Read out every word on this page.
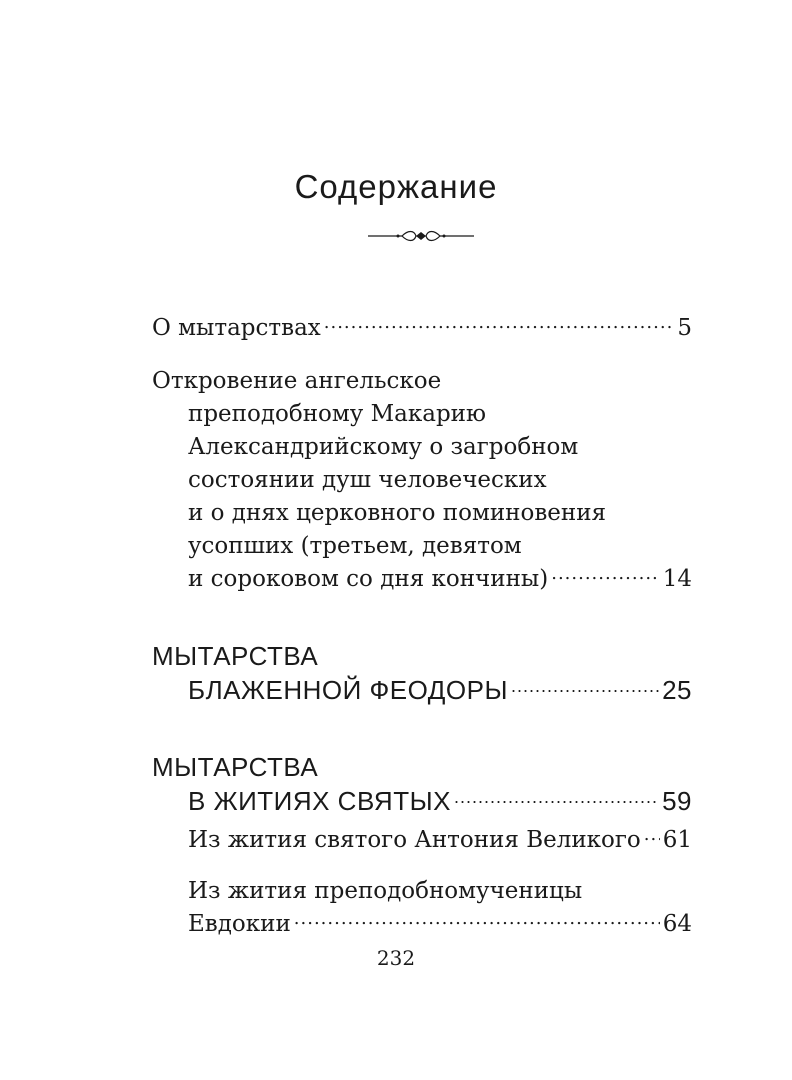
Содержание
О мытарствах .....	5
Откровение ангельское
преподобному Макарию
Александрийскому о загробном
состоянии душ человеческих
и о днях церковного поминовения
усопших (третьем, девятом
и сороковом со дня кончины) .....	14
МЫТАРСТВА
БЛАЖЕННОЙ ФЕОДОРЫ .....	25
МЫТАРСТВА
В ЖИТИЯХ СВЯТЫХ .....	59
Из жития святого Антония Великого ..... 61
Из жития преподобномученицы
Евдокии .....	64
232
